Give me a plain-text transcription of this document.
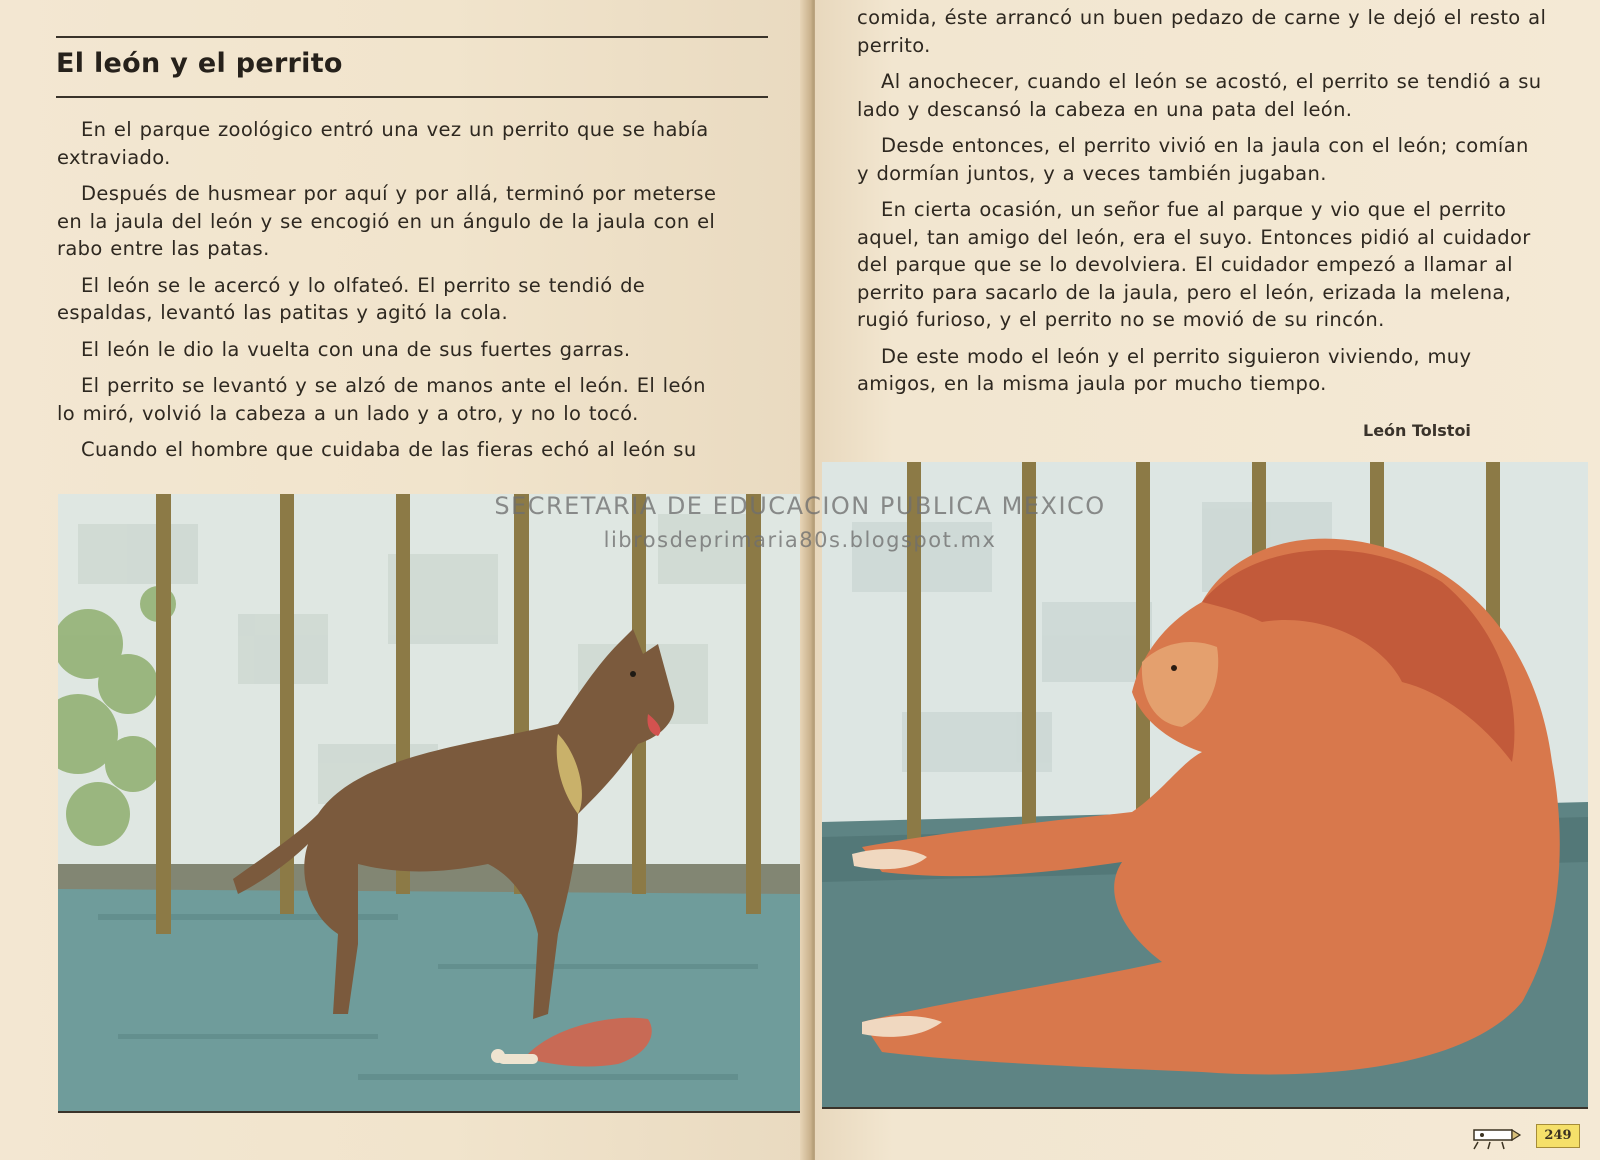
El león y el perrito

En el parque zoológico entró una vez un perrito que se había extraviado.

Después de husmear por aquí y por allá, terminó por meterse en la jaula del león y se encogió en un ángulo de la jaula con el rabo entre las patas.

El león se le acercó y lo olfateó. El perrito se tendió de espaldas, levantó las patitas y agitó la cola.

El león le dio la vuelta con una de sus fuertes garras.

El perrito se levantó y se alzó de manos ante el león. El león lo miró, volvió la cabeza a un lado y a otro, y no lo tocó.

Cuando el hombre que cuidaba de las fieras echó al león su

comida, éste arrancó un buen pedazo de carne y le dejó el resto al perrito.

Al anochecer, cuando el león se acostó, el perrito se tendió a su lado y descansó la cabeza en una pata del león.

Desde entonces, el perrito vivió en la jaula con el león; comían y dormían juntos, y a veces también jugaban.

En cierta ocasión, un señor fue al parque y vio que el perrito aquel, tan amigo del león, era el suyo. Entonces pidió al cuidador del parque que se lo devolviera. El cuidador empezó a llamar al perrito para sacarlo de la jaula, pero el león, erizada la melena, rugió furioso, y el perrito no se movió de su rincón.

De este modo el león y el perrito siguieron viviendo, muy amigos, en la misma jaula por mucho tiempo.

León Tolstoi
249
SECRETARIA DE EDUCACION PUBLICA MEXICO
librosdeprimaria80s.blogspot.mx
